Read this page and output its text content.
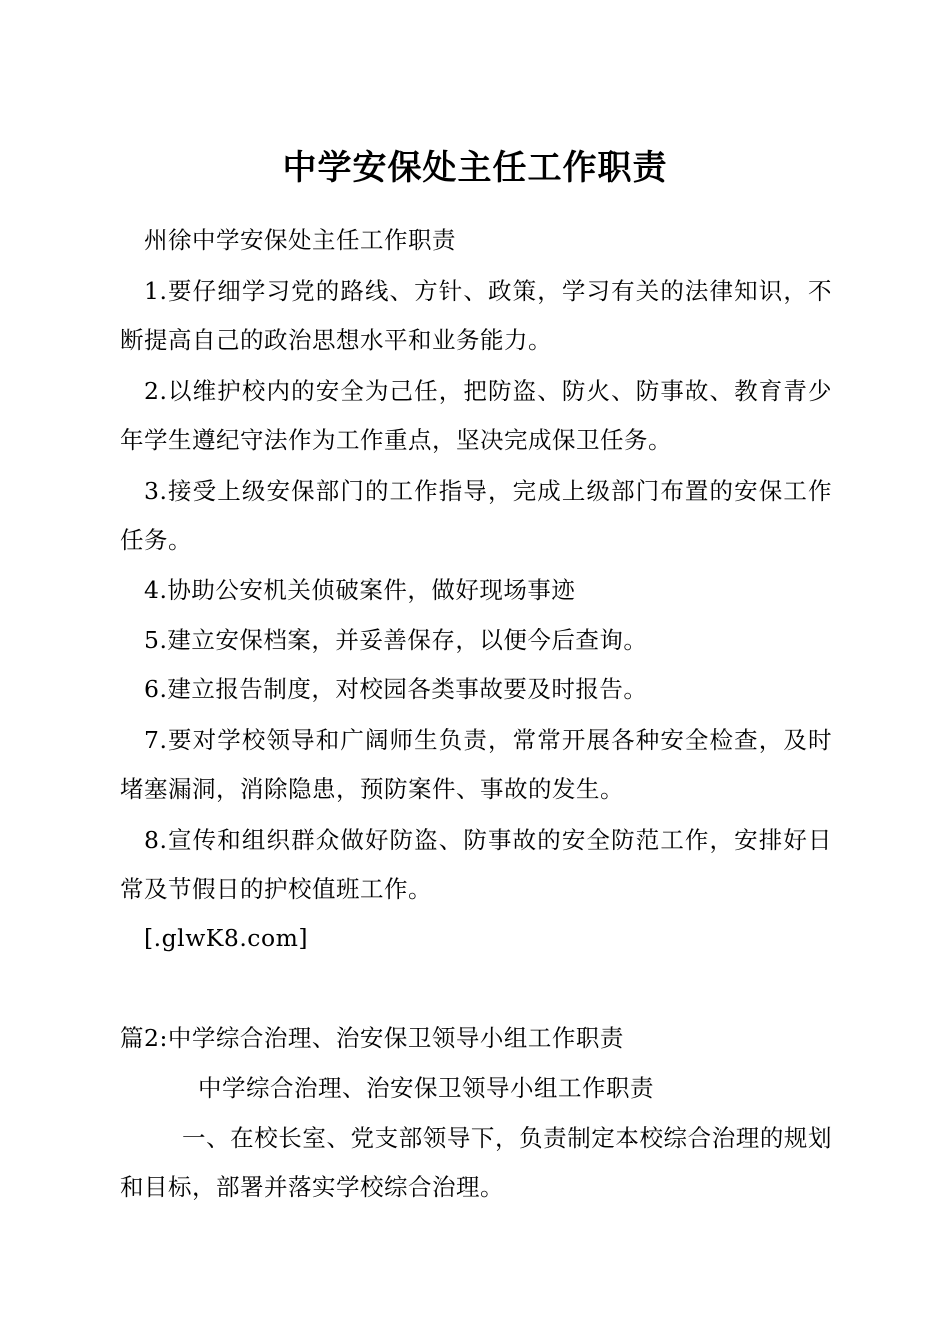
中学安保处主任工作职责

州徐中学安保处主任工作职责

1.要仔细学习党的路线、方针、政策，学习有关的法律知识，不断提高自己的政治思想水平和业务能力。

2.以维护校内的安全为己任，把防盗、防火、防事故、教育青少年学生遵纪守法作为工作重点，坚决完成保卫任务。

3.接受上级安保部门的工作指导，完成上级部门布置的安保工作任务。

4.协助公安机关侦破案件，做好现场事迹

5.建立安保档案，并妥善保存，以便今后查询。

6.建立报告制度，对校园各类事故要及时报告。

7.要对学校领导和广阔师生负责，常常开展各种安全检查，及时堵塞漏洞，消除隐患，预防案件、事故的发生。

8.宣传和组织群众做好防盗、防事故的安全防范工作，安排好日常及节假日的护校值班工作。

[.glwK8.com]

篇2:中学综合治理、治安保卫领导小组工作职责

中学综合治理、治安保卫领导小组工作职责

一、在校长室、党支部领导下，负责制定本校综合治理的规划和目标，部署并落实学校综合治理。
